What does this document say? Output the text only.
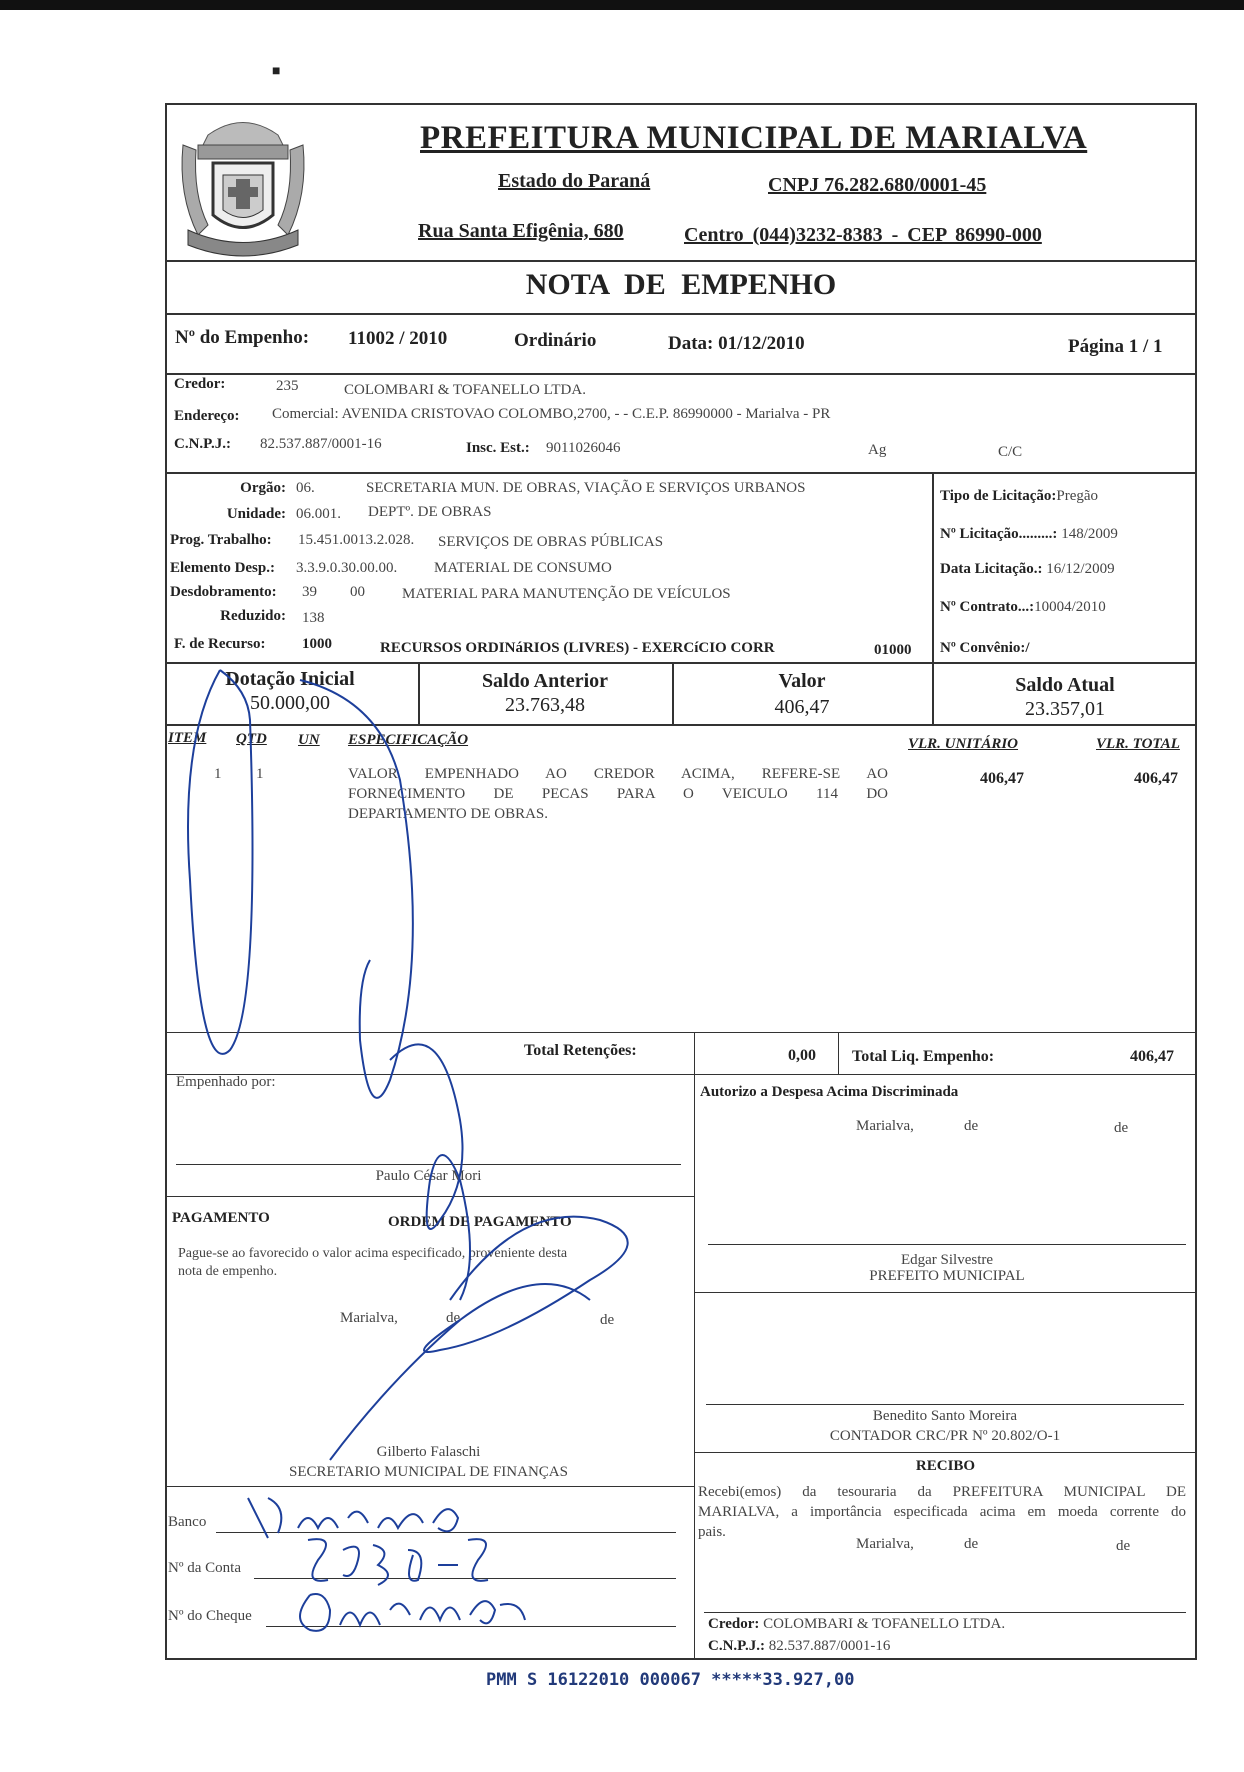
■
PREFEITURA MUNICIPAL DE MARIALVA
Estado do Paraná	CNPJ 76.282.680/0001-45
Rua Santa Efigênia, 680	Centro (044)3232-8383 - CEP 86990-000
NOTA DE EMPENHO
Nº do Empenho: 11002 / 2010	Ordinário	Data: 01/12/2010	Página 1 / 1
Credor:	235	COLOMBARI & TOFANELLO LTDA.
Endereço: Comercial: AVENIDA CRISTOVAO COLOMBO,2700, - - C.E.P. 86990000 - Marialva - PR
C.N.P.J.: 82.537.887/0001-16	Insc. Est.: 9011026046	Ag	C/C
Orgão: 06.	SECRETARIA MUN. DE OBRAS, VIAÇÃO E SERVIÇOS URBANOS
Unidade: 06.001. DEPTº. DE OBRAS
Prog. Trabalho: 15.451.0013.2.028. SERVIÇOS DE OBRAS PÚBLICAS
Elemento Desp.: 3.3.9.0.30.00.00. MATERIAL DE CONSUMO
Desdobramento: 39 00 MATERIAL PARA MANUTENÇÃO DE VEÍCULOS
Reduzido: 138
F. de Recurso: 1000	RECURSOS ORDINáRIOS (LIVRES) - EXERCíCIO CORR	01000
Tipo de Licitação:Pregão
Nº Licitação.........: 148/2009
Data Licitação.: 16/12/2009
Nº Contrato...:10004/2010
Nº Convênio:/
Dotação Inicial
50.000,00
Saldo Anterior
23.763,48
Valor
406,47
Saldo Atual
23.357,01
ITEM QTD UN ESPECIFICAÇÃO	VLR. UNITÁRIO	VLR. TOTAL
1 1	VALOR EMPENHADO AO CREDOR ACIMA, REFERE-SE AO
FORNECIMENTO DE PECAS PARA O VEICULO 114 DO
DEPARTAMENTO DE OBRAS.
406,47	406,47
Total Retenções:	0,00 Total Liq. Empenho:	406,47
Empenhado por:
Paulo César Mori
PAGAMENTO	ORDEM DE PAGAMENTO
Pague-se ao favorecido o valor acima especificado, proveniente desta
nota de empenho.
Marialva,	de	de
Gilberto Falaschi
SECRETARIO MUNICIPAL DE FINANÇAS
Banco
Nº da Conta
Nº do Cheque
Autorizo a Despesa Acima Discriminada
Marialva,	de	de
Edgar Silvestre
PREFEITO MUNICIPAL
Benedito Santo Moreira
CONTADOR CRC/PR Nº 20.802/O-1
RECIBO
Recebi(emos) da tesouraria da PREFEITURA MUNICIPAL DE
MARIALVA, a importância especificada acima em moeda corrente do
pais.
Marialva,	de	de
Credor: COLOMBARI & TOFANELLO LTDA.
C.N.P.J.: 82.537.887/0001-16
PMM S 16122010 000067 *****33.927,00
